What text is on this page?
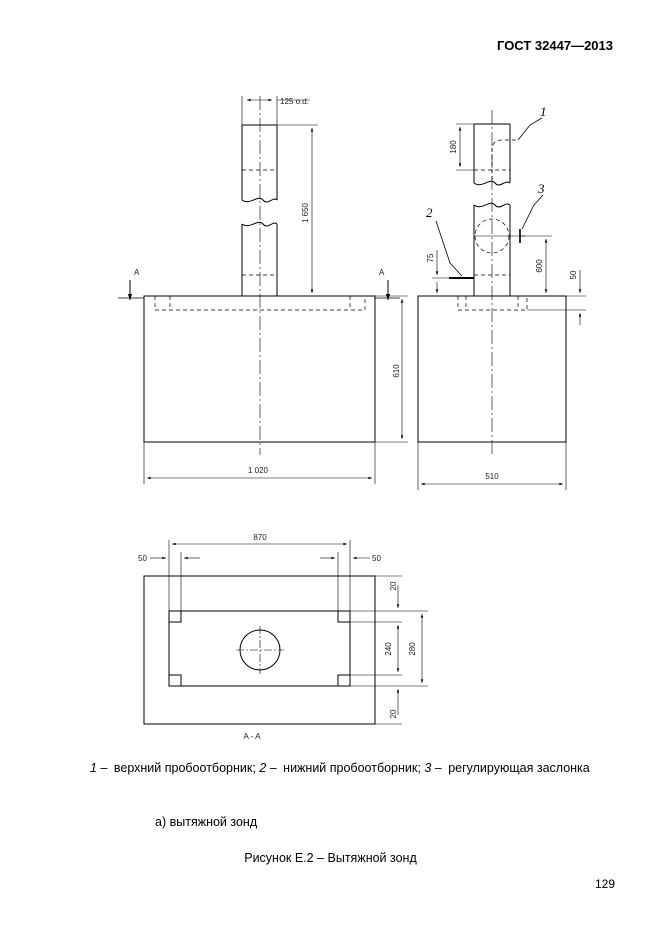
ГОСТ 32447—2013
125 o.d.
1 650
610
1 020
A	A
180
75
600
50
510
1
2
3
870
50	50
20
240 280
20
A - A
1 – верхний пробоотборник; 2 – нижний пробоотборник; 3 – регулирующая заслонка
а) вытяжной зонд
Рисунок Е.2 – Вытяжной зонд
129
